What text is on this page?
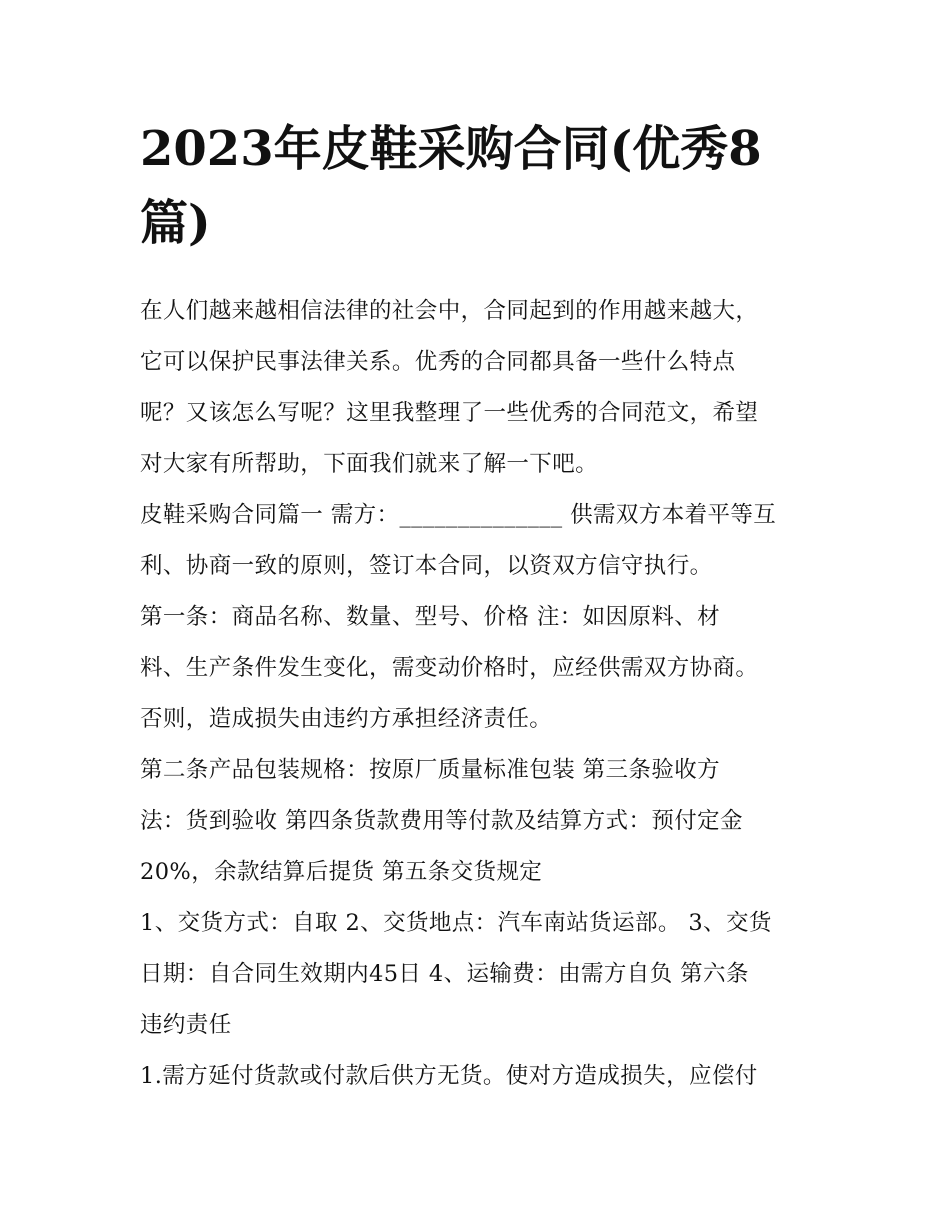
2023年皮鞋采购合同(优秀8篇)

在人们越来越相信法律的社会中，合同起到的作用越来越大，
它可以保护民事法律关系。优秀的合同都具备一些什么特点
呢？又该怎么写呢？这里我整理了一些优秀的合同范文，希望
对大家有所帮助，下面我们就来了解一下吧。

皮鞋采购合同篇一 需方：______________ 供需双方本着平等互
利、协商一致的原则，签订本合同，以资双方信守执行。

第一条：商品名称、数量、型号、价格 注：如因原料、材
料、生产条件发生变化，需变动价格时，应经供需双方协商。
否则，造成损失由违约方承担经济责任。

第二条产品包装规格：按原厂质量标准包装 第三条验收方
法：货到验收 第四条货款费用等付款及结算方式：预付定金
20%，余款结算后提货 第五条交货规定

1、交货方式：自取 2、交货地点：汽车南站货运部。 3、交货
日期：自合同生效期内45日 4、运输费：由需方自负 第六条
违约责任

1.需方延付货款或付款后供方无货。使对方造成损失，应偿付
